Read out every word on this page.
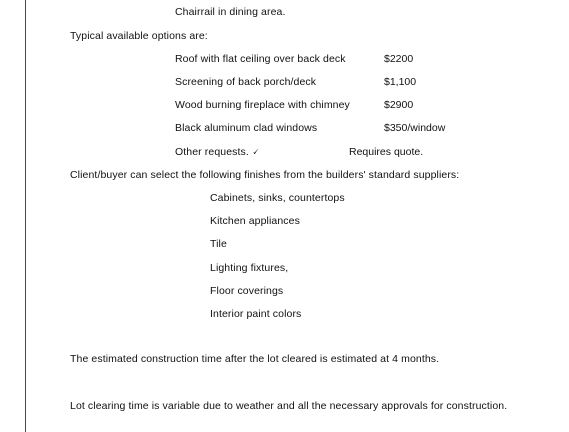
Chairrail in dining area.
Typical available options are:
Roof with flat ceiling over back deck	$2200
Screening of back porch/deck	$1,100
Wood burning fireplace with chimney	$2900
Black aluminum clad windows	$350/window
Other requests. 🗸	Requires quote.
Client/buyer can select the following finishes from the builders' standard suppliers:
Cabinets, sinks, countertops
Kitchen appliances
Tile
Lighting fixtures,
Floor coverings
Interior paint colors
The estimated construction time after the lot cleared is estimated at 4 months.
Lot clearing time is variable due to weather and all the necessary approvals for construction.
